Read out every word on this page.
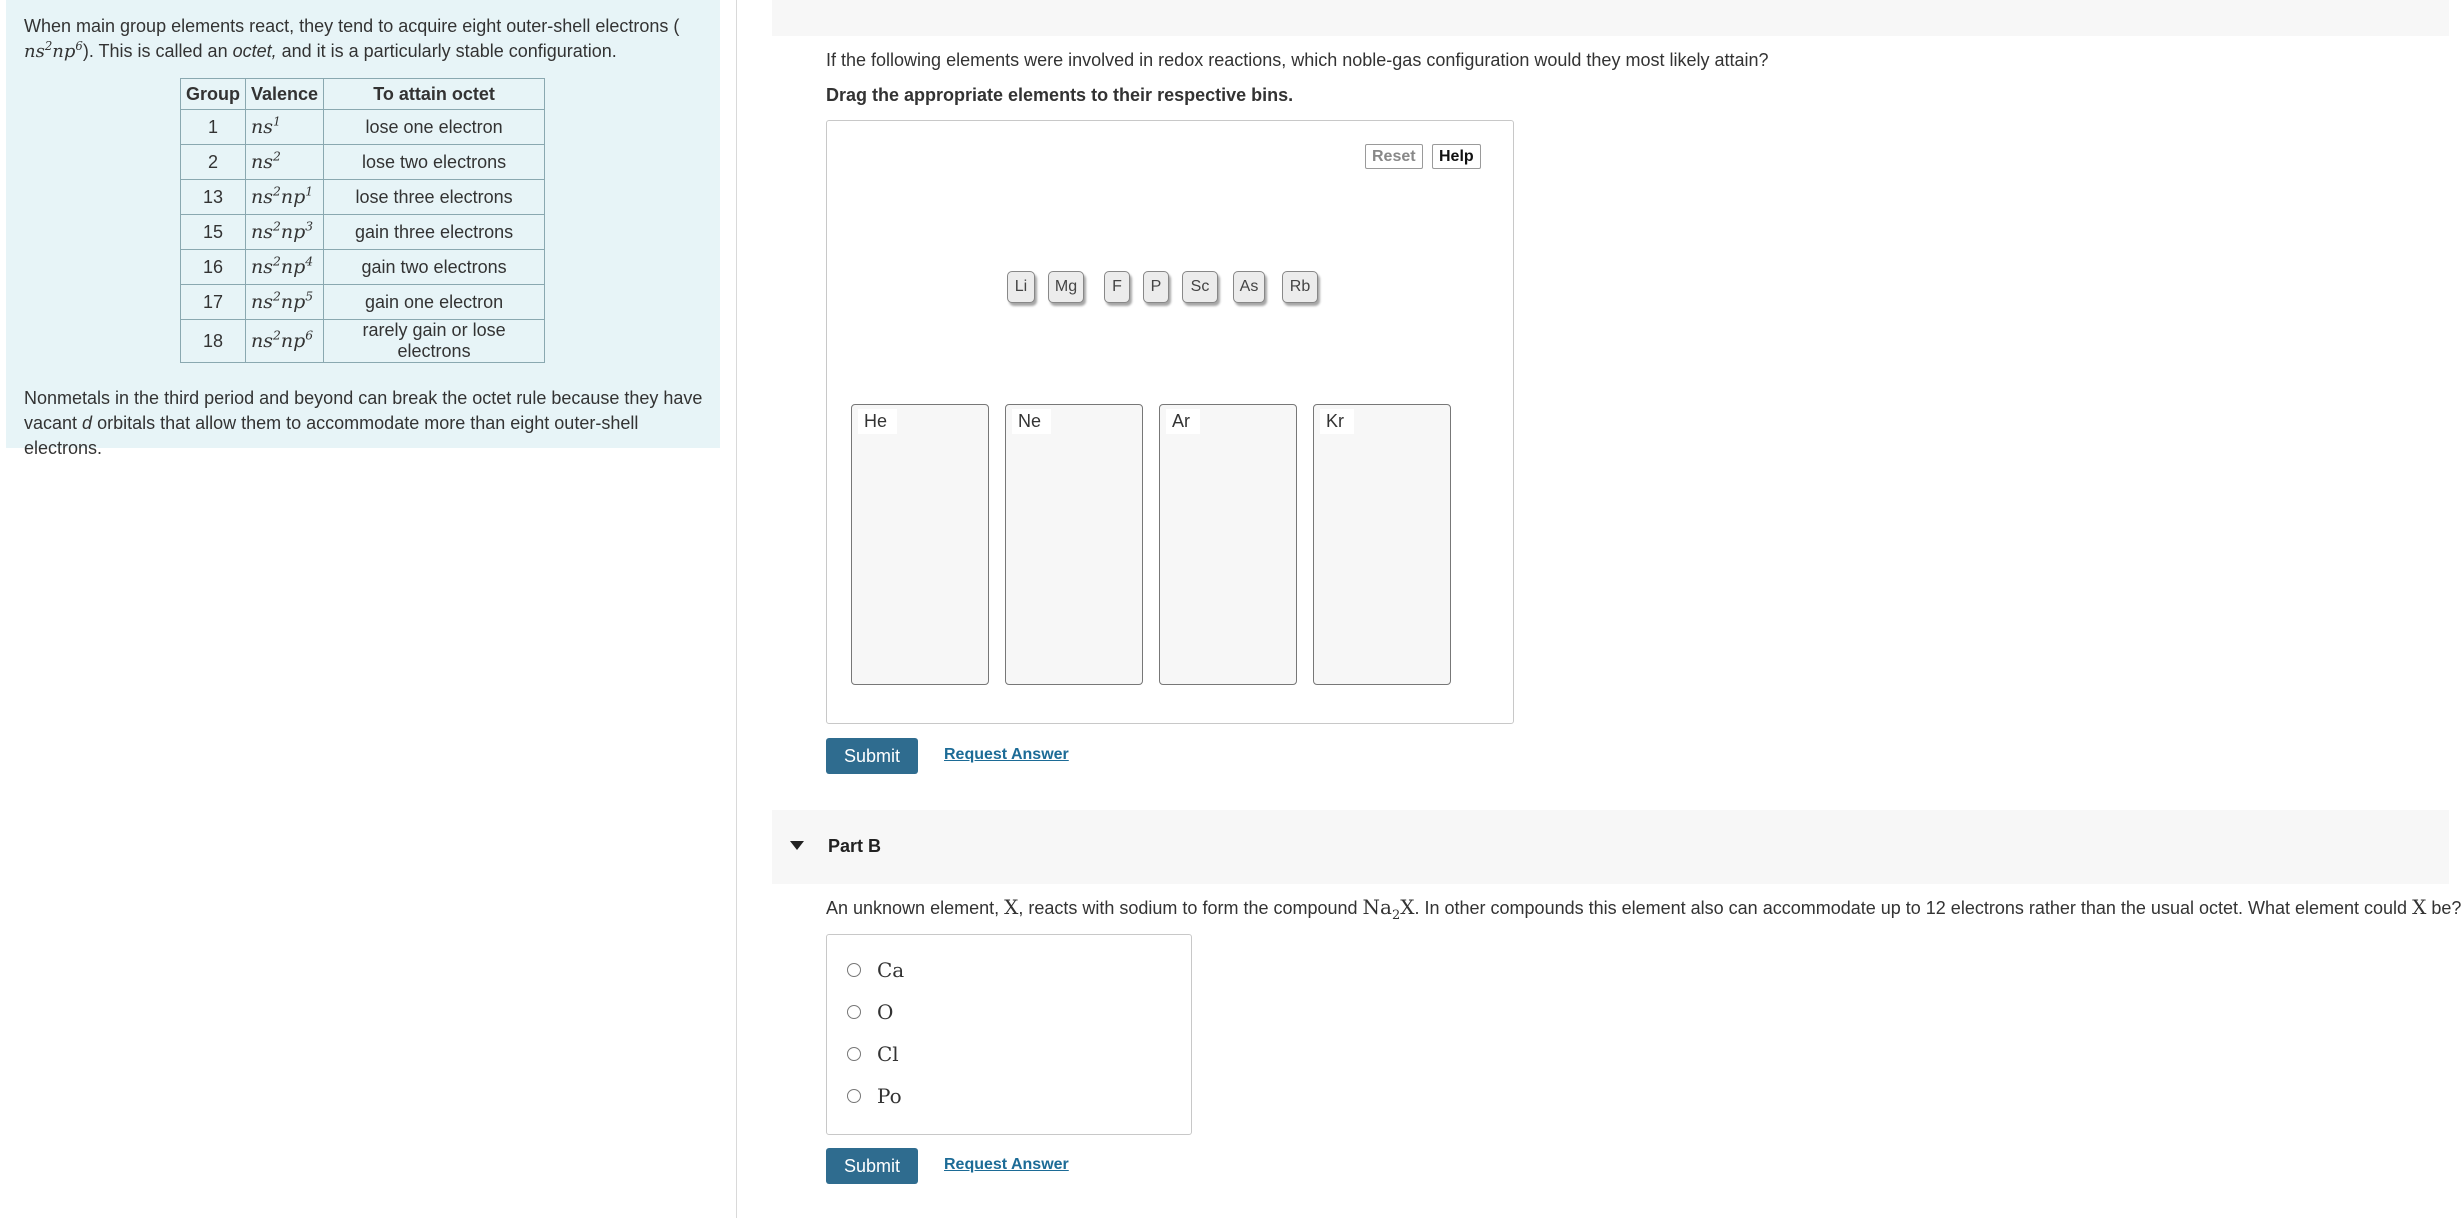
When main group elements react, they tend to acquire eight outer-shell electrons (
$ns^2np^6$). This is called an octet, and it is a particularly stable configuration.

Group	Valence	To attain octet
1	$ns^1$	lose one electron
2	$ns^2$	lose two electrons
13	$ns^2np^1$	lose three electrons
15	$ns^2np^3$	gain three electrons
16	$ns^2np^4$	gain two electrons
17	$ns^2np^5$	gain one electron
18	$ns^2np^6$	rarely gain or lose electrons

Nonmetals in the third period and beyond can break the octet rule because they have vacant d orbitals that allow them to accommodate more than eight outer-shell electrons.

If the following elements were involved in redox reactions, which noble-gas configuration would they most likely attain?

Drag the appropriate elements to their respective bins.

Reset	Help
Li	Mg	F	P	Sc	As	Rb
He	Ne	Ar	Kr
Submit	Request Answer
Part B

An unknown element, X, reacts with sodium to form the compound $Na_2X$. In other compounds this element also can accommodate up to 12 electrons rather than the usual octet. What element could X be?

Ca
O
Cl
Po
Submit	Request Answer
